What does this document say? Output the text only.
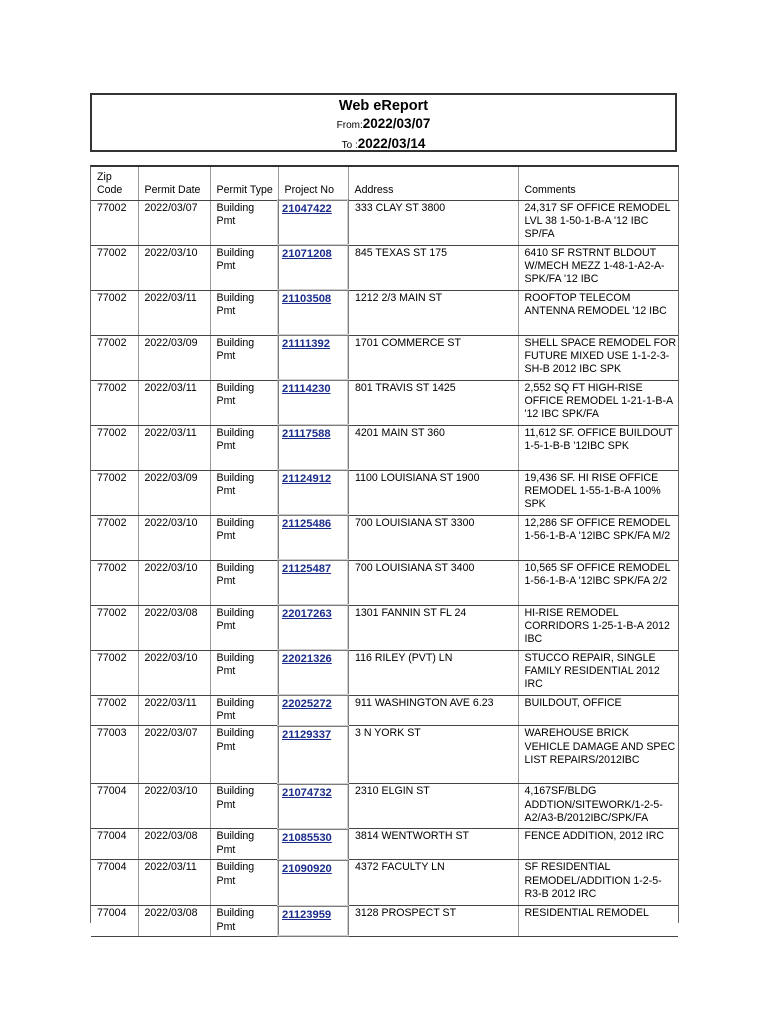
Web eReport
From:2022/03/07
To :2022/03/14
Zip Code	Permit Date	Permit Type	Project No	Address	Comments
77002	2022/03/07	Building Pmt	21047422	333 CLAY ST 3800	24,317 SF OFFICE REMODEL LVL 38 1-50-1-B-A '12 IBC SP/FA
77002	2022/03/10	Building Pmt	21071208	845 TEXAS ST 175	6410 SF RSTRNT BLDOUT W/MECH MEZZ 1-48-1-A2-A-SPK/FA '12 IBC
77002	2022/03/11	Building Pmt	21103508	1212 2/3 MAIN ST	ROOFTOP TELECOM ANTENNA REMODEL '12 IBC
77002	2022/03/09	Building Pmt	21111392	1701 COMMERCE ST	SHELL SPACE REMODEL FOR FUTURE MIXED USE 1-1-2-3-SH-B 2012 IBC SPK
77002	2022/03/11	Building Pmt	21114230	801 TRAVIS ST 1425	2,552 SQ FT HIGH-RISE OFFICE REMODEL 1-21-1-B-A '12 IBC SPK/FA
77002	2022/03/11	Building Pmt	21117588	4201 MAIN ST 360	11,612 SF. OFFICE BUILDOUT 1-5-1-B-B '12IBC SPK
77002	2022/03/09	Building Pmt	21124912	1100 LOUISIANA ST 1900	19,436 SF. HI RISE OFFICE REMODEL 1-55-1-B-A 100% SPK
77002	2022/03/10	Building Pmt	21125486	700 LOUISIANA ST 3300	12,286 SF OFFICE REMODEL 1-56-1-B-A '12IBC SPK/FA M/2
77002	2022/03/10	Building Pmt	21125487	700 LOUISIANA ST 3400	10,565 SF OFFICE REMODEL 1-56-1-B-A '12IBC SPK/FA 2/2
77002	2022/03/08	Building Pmt	22017263	1301 FANNIN ST FL 24	HI-RISE REMODEL CORRIDORS 1-25-1-B-A 2012 IBC
77002	2022/03/10	Building Pmt	22021326	116 RILEY (PVT) LN	STUCCO REPAIR, SINGLE FAMILY RESIDENTIAL 2012 IRC
77002	2022/03/11	Building Pmt	22025272	911 WASHINGTON AVE 6.23	BUILDOUT, OFFICE
77003	2022/03/07	Building Pmt	21129337	3 N YORK ST	WAREHOUSE BRICK VEHICLE DAMAGE AND SPEC LIST REPAIRS/2012IBC
77004	2022/03/10	Building Pmt	21074732	2310 ELGIN ST	4,167SF/BLDG ADDTION/SITEWORK/1-2-5-A2/A3-B/2012IBC/SPK/FA
77004	2022/03/08	Building Pmt	21085530	3814 WENTWORTH ST	FENCE ADDITION, 2012 IRC
77004	2022/03/11	Building Pmt	21090920	4372 FACULTY LN	SF RESIDENTIAL REMODEL/ADDITION 1-2-5-R3-B 2012 IRC
77004	2022/03/08	Building Pmt	21123959	3128 PROSPECT ST	RESIDENTIAL REMODEL
